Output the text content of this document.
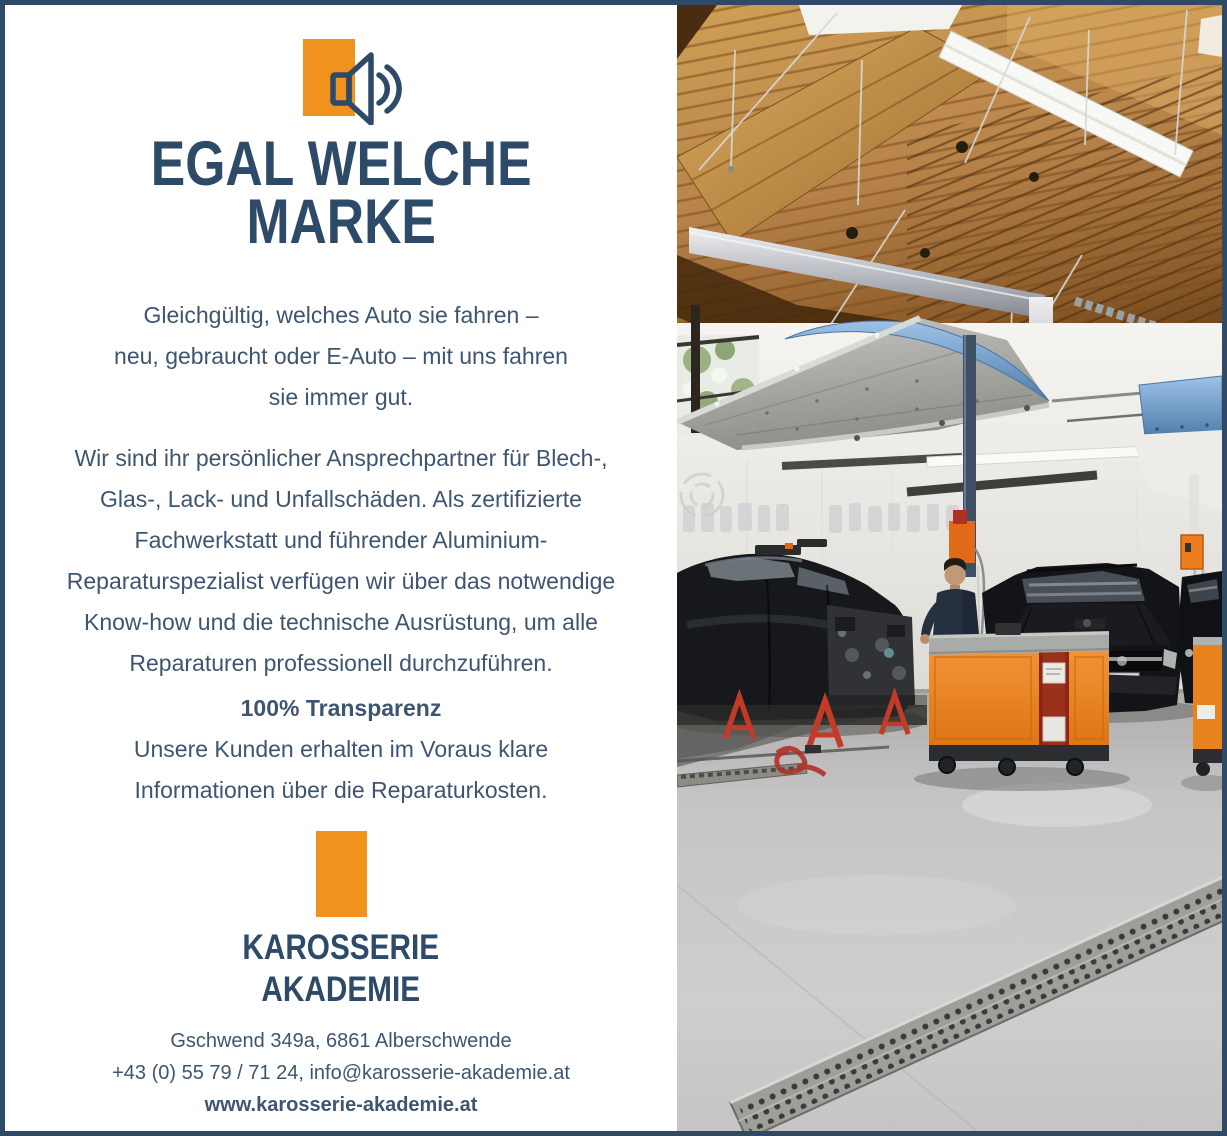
EGAL WELCHE
MARKE
Gleichgültig, welches Auto sie fahren –
neu, gebraucht oder E-Auto – mit uns fahren
sie immer gut.
Wir sind ihr persönlicher Ansprechpartner für Blech-,
Glas-, Lack- und Unfallschäden. Als zertifizierte
Fachwerkstatt und führender Aluminium-
Reparaturspezialist verfügen wir über das notwendige
Know-how und die technische Ausrüstung, um alle
Reparaturen professionell durchzuführen.
100% Transparenz
Unsere Kunden erhalten im Voraus klare
Informationen über die Reparaturkosten.
KAROSSERIE
AKADEMIE
Gschwend 349a, 6861 Alberschwende
+43 (0) 55 79 / 71 24, info@karosserie-akademie.at
www.karosserie-akademie.at
